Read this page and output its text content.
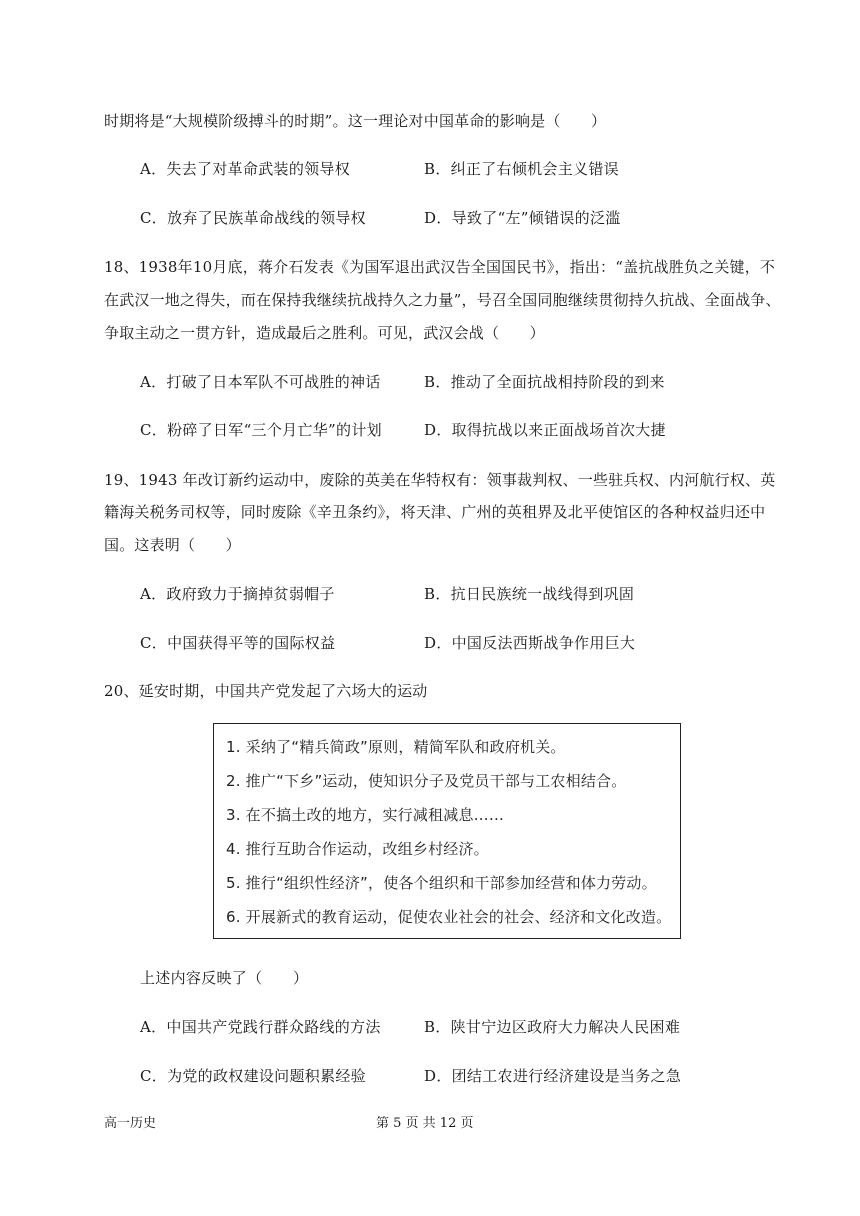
时期将是“大规模阶级搏斗的时期”。这一理论对中国革命的影响是（　　）
A．失去了对革命武装的领导权	B．纠正了右倾机会主义错误
C．放弃了民族革命战线的领导权	D．导致了“左”倾错误的泛滥
18、1938年10月底，蒋介石发表《为国军退出武汉告全国国民书》，指出：“盖抗战胜负之关键，不
在武汉一地之得失，而在保持我继续抗战持久之力量”，号召全国同胞继续贯彻持久抗战、全面战争、
争取主动之一贯方针，造成最后之胜利。可见，武汉会战（　　）
A．打破了日本军队不可战胜的神话	B．推动了全面抗战相持阶段的到来
C．粉碎了日军“三个月亡华”的计划	D．取得抗战以来正面战场首次大捷
19、1943 年改订新约运动中，废除的英美在华特权有：领事裁判权、一些驻兵权、内河航行权、英
籍海关税务司权等，同时废除《辛丑条约》，将天津、广州的英租界及北平使馆区的各种权益归还中
国。这表明（　　）
A．政府致力于摘掉贫弱帽子	B．抗日民族统一战线得到巩固
C．中国获得平等的国际权益	D．中国反法西斯战争作用巨大
20、延安时期，中国共产党发起了六场大的运动
1. 采纳了“精兵简政”原则，精简军队和政府机关。
2. 推广“下乡”运动，使知识分子及党员干部与工农相结合。
3. 在不搞土改的地方，实行减租减息……
4. 推行互助合作运动，改组乡村经济。
5. 推行“组织性经济”，使各个组织和干部参加经营和体力劳动。
6. 开展新式的教育运动，促使农业社会的社会、经济和文化改造。
上述内容反映了（　　）
A．中国共产党践行群众路线的方法	B．陕甘宁边区政府大力解决人民困难
C．为党的政权建设问题积累经验	D．团结工农进行经济建设是当务之急
高一历史	第 5 页 共 12 页
